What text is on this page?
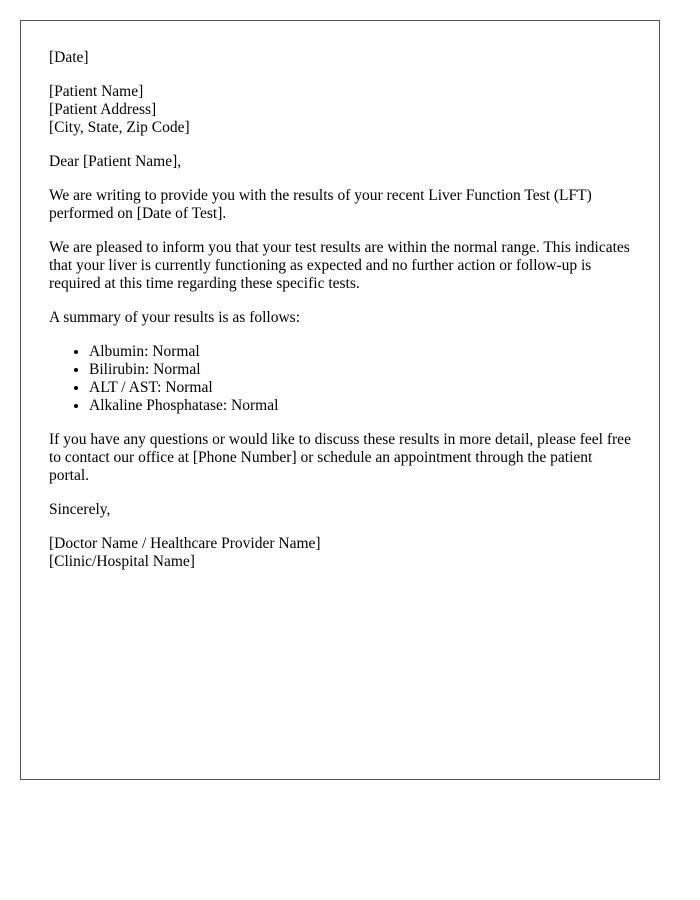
[Date]

[Patient Name]
[Patient Address]
[City, State, Zip Code]

Dear [Patient Name],

We are writing to provide you with the results of your recent Liver Function Test (LFT) performed on [Date of Test].

We are pleased to inform you that your test results are within the normal range. This indicates that your liver is currently functioning as expected and no further action or follow-up is required at this time regarding these specific tests.

A summary of your results is as follows:

• Albumin: Normal
• Bilirubin: Normal
• ALT / AST: Normal
• Alkaline Phosphatase: Normal

If you have any questions or would like to discuss these results in more detail, please feel free to contact our office at [Phone Number] or schedule an appointment through the patient portal.

Sincerely,

[Doctor Name / Healthcare Provider Name]
[Clinic/Hospital Name]
